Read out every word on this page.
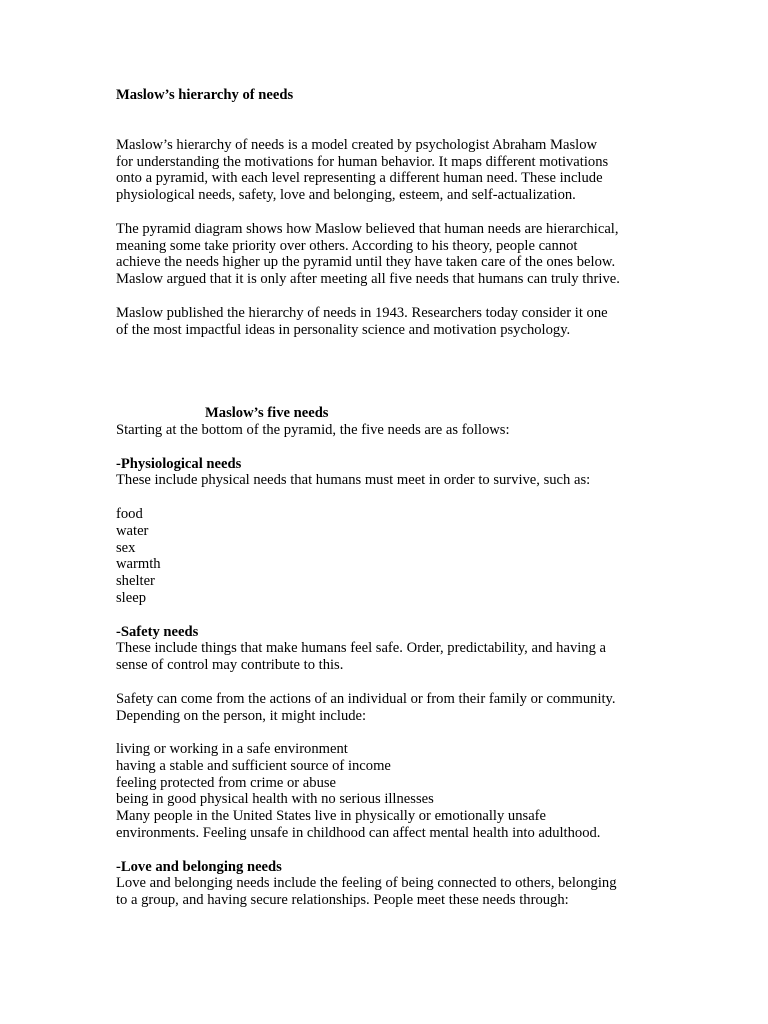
Maslow’s hierarchy of needs
Maslow’s hierarchy of needs is a model created by psychologist Abraham Maslow
for understanding the motivations for human behavior. It maps different motivations
onto a pyramid, with each level representing a different human need. These include
physiological needs, safety, love and belonging, esteem, and self-actualization.
The pyramid diagram shows how Maslow believed that human needs are hierarchical,
meaning some take priority over others. According to his theory, people cannot
achieve the needs higher up the pyramid until they have taken care of the ones below.
Maslow argued that it is only after meeting all five needs that humans can truly thrive.
Maslow published the hierarchy of needs in 1943. Researchers today consider it one
of the most impactful ideas in personality science and motivation psychology.
Maslow’s five needs
Starting at the bottom of the pyramid, the five needs are as follows:
-Physiological needs
These include physical needs that humans must meet in order to survive, such as:
food
water
sex
warmth
shelter
sleep
-Safety needs
These include things that make humans feel safe. Order, predictability, and having a
sense of control may contribute to this.
Safety can come from the actions of an individual or from their family or community.
Depending on the person, it might include:
living or working in a safe environment
having a stable and sufficient source of income
feeling protected from crime or abuse
being in good physical health with no serious illnesses
Many people in the United States live in physically or emotionally unsafe
environments. Feeling unsafe in childhood can affect mental health into adulthood.
-Love and belonging needs
Love and belonging needs include the feeling of being connected to others, belonging
to a group, and having secure relationships. People meet these needs through:
